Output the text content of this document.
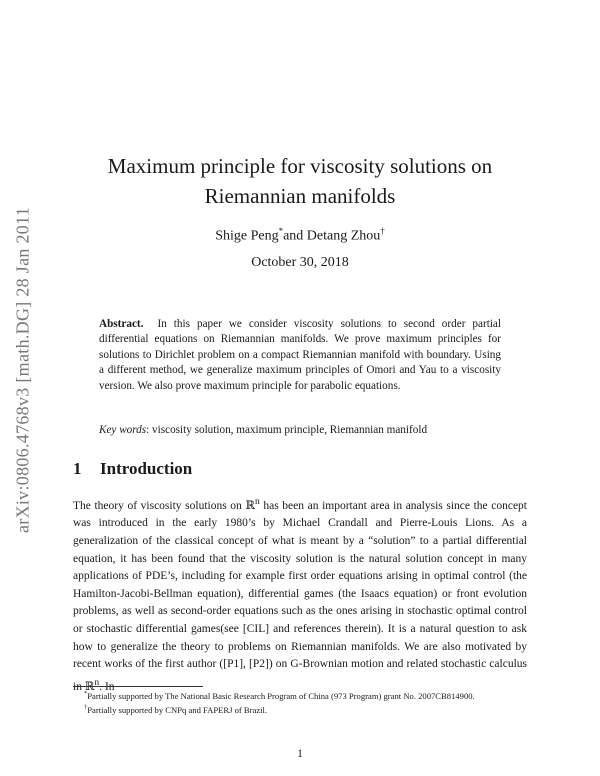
arXiv:0806.4768v3 [math.DG] 28 Jan 2011
Maximum principle for viscosity solutions on
Riemannian manifolds
Shige Peng*and Detang Zhou†
October 30, 2018
Abstract. In this paper we consider viscosity solutions to second order partial differential equations on Riemannian manifolds. We prove maximum principles for solutions to Dirichlet problem on a compact Riemannian manifold with boundary. Using a different method, we generalize maximum principles of Omori and Yau to a viscosity version. We also prove maximum principle for parabolic equations.
Key words: viscosity solution, maximum principle, Riemannian manifold
1 Introduction
The theory of viscosity solutions on ℝ$^n$ has been an important area in analysis since the concept was introduced in the early 1980’s by Michael Crandall and Pierre-Louis Lions. As a generalization of the classical concept of what is meant by a “solution” to a partial differential equation, it has been found that the viscosity solution is the natural solution concept in many applications of PDE’s, including for example first order equations arising in optimal control (the Hamilton-Jacobi-Bellman equation), differential games (the Isaacs equation) or front evolution problems, as well as second-order equations such as the ones arising in stochastic optimal control or stochastic differential games(see [CIL] and references therein). It is a natural question to ask how to generalize the theory to problems on Riemannian manifolds. We are also motivated by recent works of the first author ([P1], [P2]) on G-Brownian motion and related stochastic calculus in ℝ$^n$. In

*Partially supported by The National Basic Research Program of China (973 Program) grant No. 2007CB814900.

†Partially supported by CNPq and FAPERJ of Brazil.

1
